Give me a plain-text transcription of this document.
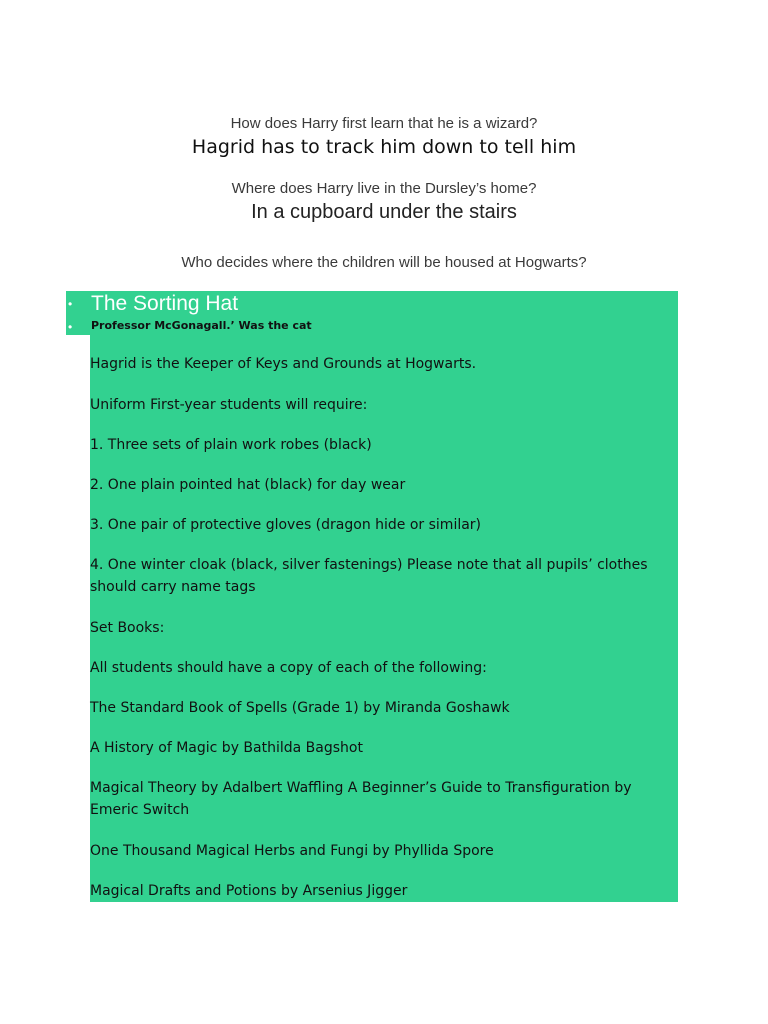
How does Harry first learn that he is a wizard?
Hagrid has to track him down to tell him
Where does Harry live in the Dursley’s home?
In a cupboard under the stairs
Who decides where the children will be housed at Hogwarts?
• The Sorting Hat
• Professor McGonagall.’ Was the cat
Hagrid is the Keeper of Keys and Grounds at Hogwarts.
Uniform First-year students will require:
1. Three sets of plain work robes (black)
2. One plain pointed hat (black) for day wear
3. One pair of protective gloves (dragon hide or similar)
4. One winter cloak (black, silver fastenings) Please note that all pupils’ clothes should carry name tags
Set Books:
All students should have a copy of each of the following:
The Standard Book of Spells (Grade 1) by Miranda Goshawk
A History of Magic by Bathilda Bagshot
Magical Theory by Adalbert Waffling A Beginner’s Guide to Transfiguration by Emeric Switch
One Thousand Magical Herbs and Fungi by Phyllida Spore
Magical Drafts and Potions by Arsenius Jigger
